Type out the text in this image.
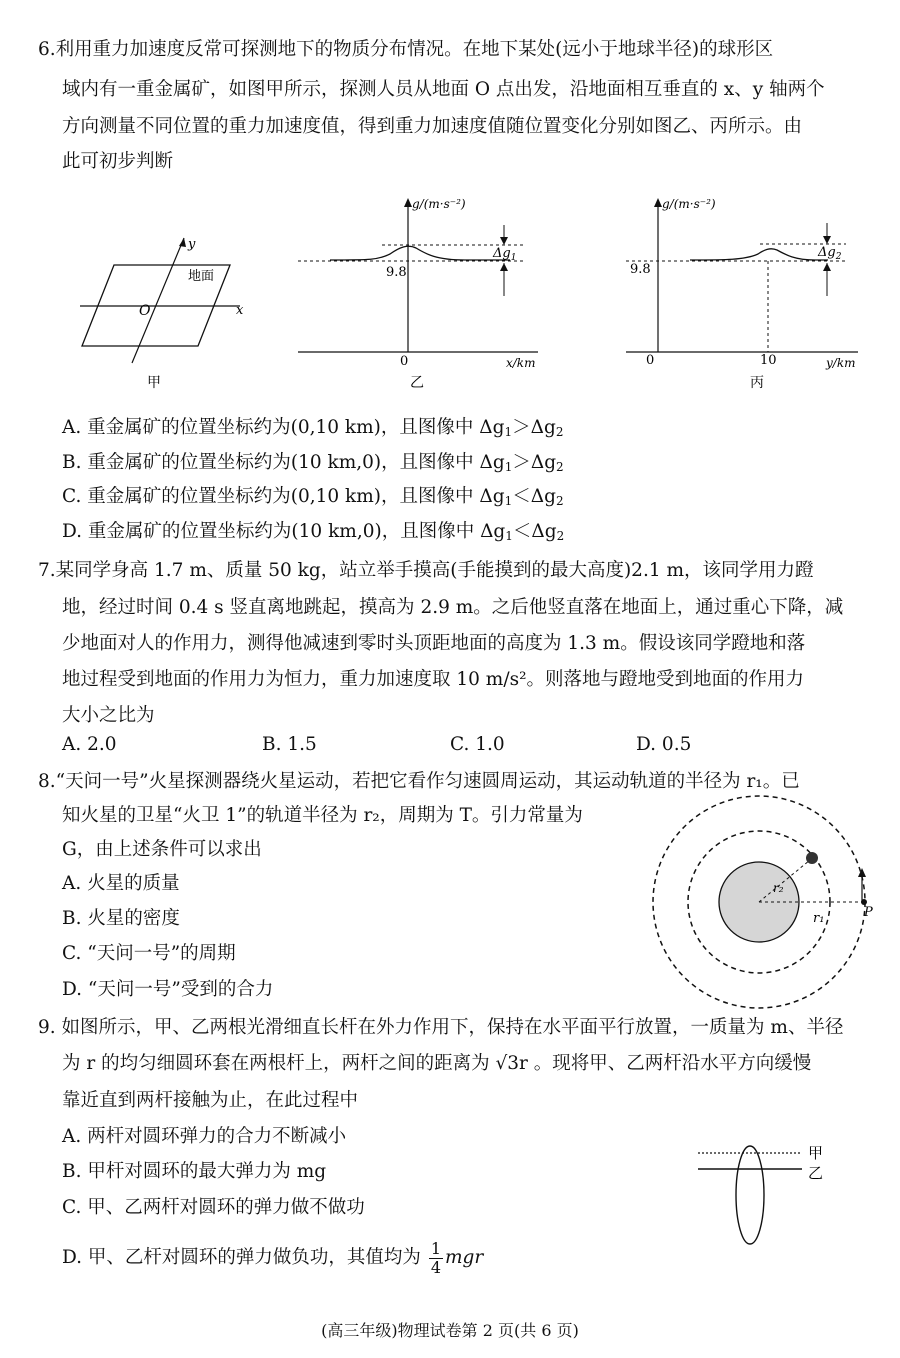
6.利用重力加速度反常可探测地下的物质分布情况。在地下某处(远小于地球半径)的球形区
域内有一重金属矿，如图甲所示，探测人员从地面 O 点出发，沿地面相互垂直的 x、y 轴两个
方向测量不同位置的重力加速度值，得到重力加速度值随位置变化分别如图乙、丙所示。由
此可初步判断
y
x
O
地面
甲
g/(m·s⁻²)
9.8
$\Delta g_1$
0	x/km
乙
g/(m·s⁻²)
9.8
$\Delta g_2$
0	10	y/km
丙
A. 重金属矿的位置坐标约为(0,10 km)，且图像中 $\Delta g_1>\Delta g_2$
B. 重金属矿的位置坐标约为(10 km,0)，且图像中 $\Delta g_1>\Delta g_2$
C. 重金属矿的位置坐标约为(0,10 km)，且图像中 $\Delta g_1<\Delta g_2$
D. 重金属矿的位置坐标约为(10 km,0)，且图像中 $\Delta g_1<\Delta g_2$
7.某同学身高 1.7 m、质量 50 kg，站立举手摸高(手能摸到的最大高度)2.1 m，该同学用力蹬
地，经过时间 0.4 s 竖直离地跳起，摸高为 2.9 m。之后他竖直落在地面上，通过重心下降，减
少地面对人的作用力，测得他减速到零时头顶距地面的高度为 1.3 m。假设该同学蹬地和落
地过程受到地面的作用力为恒力，重力加速度取 10 m/s²。则落地与蹬地受到地面的作用力
大小之比为
A. 2.0	B. 1.5	C. 1.0	D. 0.5
8.“天问一号”火星探测器绕火星运动，若把它看作匀速圆周运动，其运动轨道的半径为 r₁。已
知火星的卫星“火卫 1”的轨道半径为 r₂，周期为 T。引力常量为
G，由上述条件可以求出
A. 火星的质量
B. 火星的密度
C. “天问一号”的周期
D. “天问一号”受到的合力
r₂
r₁	P
9. 如图所示，甲、乙两根光滑细直长杆在外力作用下，保持在水平面平行放置，一质量为 m、半径
为 r 的均匀细圆环套在两根杆上，两杆之间的距离为 √3r 。现将甲、乙两杆沿水平方向缓慢
靠近直到两杆接触为止，在此过程中
A. 两杆对圆环弹力的合力不断减小
B. 甲杆对圆环的最大弹力为 mg
C. 甲、乙两杆对圆环的弹力做不做功
D. 甲、乙杆对圆环的弹力做负功，其值均为 $\frac{1}{4}$ mgr
甲
乙
(高三年级)物理试卷第 2 页(共 6 页)
